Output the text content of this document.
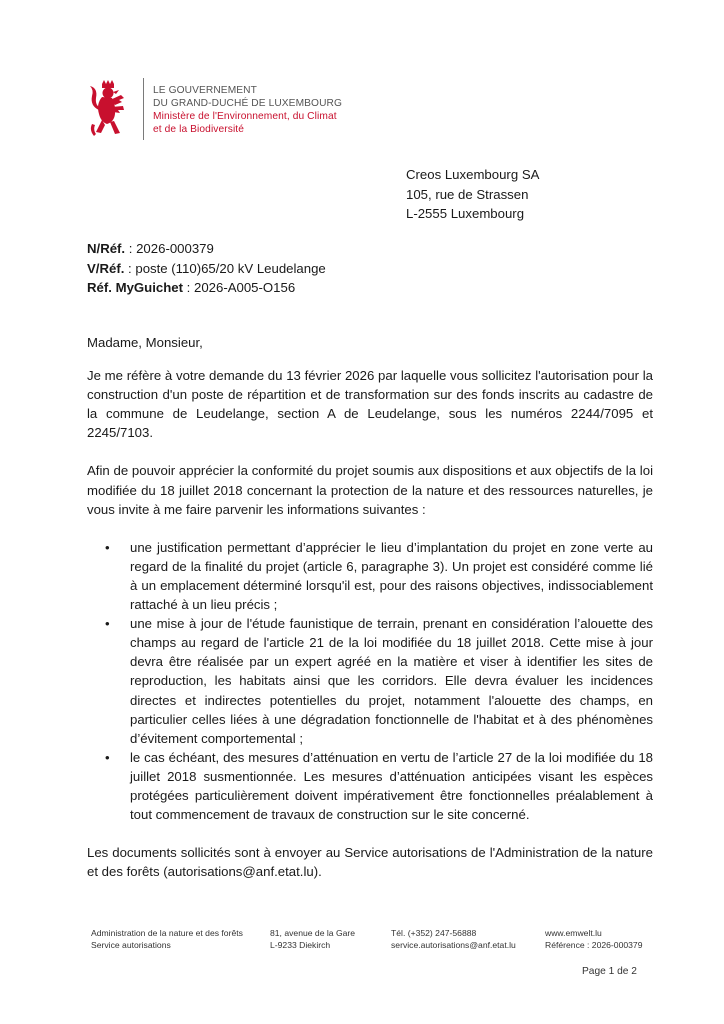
LE GOUVERNEMENT
DU GRAND-DUCHÉ DE LUXEMBOURG
Ministère de l'Environnement, du Climat
et de la Biodiversité
Creos Luxembourg SA
105, rue de Strassen
L-2555 Luxembourg
N/Réf. : 2026-000379
V/Réf. : poste (110)65/20 kV Leudelange
Réf. MyGuichet : 2026-A005-O156

Madame, Monsieur,

Je me réfère à votre demande du 13 février 2026 par laquelle vous sollicitez l'autorisation pour la construction d'un poste de répartition et de transformation sur des fonds inscrits au cadastre de la commune de Leudelange, section A de Leudelange, sous les numéros 2244/7095 et 2245/7103.

Afin de pouvoir apprécier la conformité du projet soumis aux dispositions et aux objectifs de la loi modifiée du 18 juillet 2018 concernant la protection de la nature et des ressources naturelles, je vous invite à me faire parvenir les informations suivantes :

• une justification permettant d’apprécier le lieu d’implantation du projet en zone verte au regard de la finalité du projet (article 6, paragraphe 3). Un projet est considéré comme lié à un emplacement déterminé lorsqu'il est, pour des raisons objectives, indissociablement rattaché à un lieu précis ;
• une mise à jour de l'étude faunistique de terrain, prenant en considération l’alouette des champs au regard de l'article 21 de la loi modifiée du 18 juillet 2018. Cette mise à jour devra être réalisée par un expert agréé en la matière et viser à identifier les sites de reproduction, les habitats ainsi que les corridors. Elle devra évaluer les incidences directes et indirectes potentielles du projet, notamment l'alouette des champs, en particulier celles liées à une dégradation fonctionnelle de l'habitat et à des phénomènes d’évitement comportemental ;
• le cas échéant, des mesures d’atténuation en vertu de l’article 27 de la loi modifiée du 18 juillet 2018 susmentionnée. Les mesures d’atténuation anticipées visant les espèces protégées particulièrement doivent impérativement être fonctionnelles préalablement à tout commencement de travaux de construction sur le site concerné.

Les documents sollicités sont à envoyer au Service autorisations de l'Administration de la nature et des forêts (autorisations@anf.etat.lu).

Administration de la nature et des forêts
Service autorisations
81, avenue de la Gare
L-9233 Diekirch
Tél. (+352) 247-56888
service.autorisations@anf.etat.lu
www.emwelt.lu
Référence : 2026-000379
Page 1 de 2
